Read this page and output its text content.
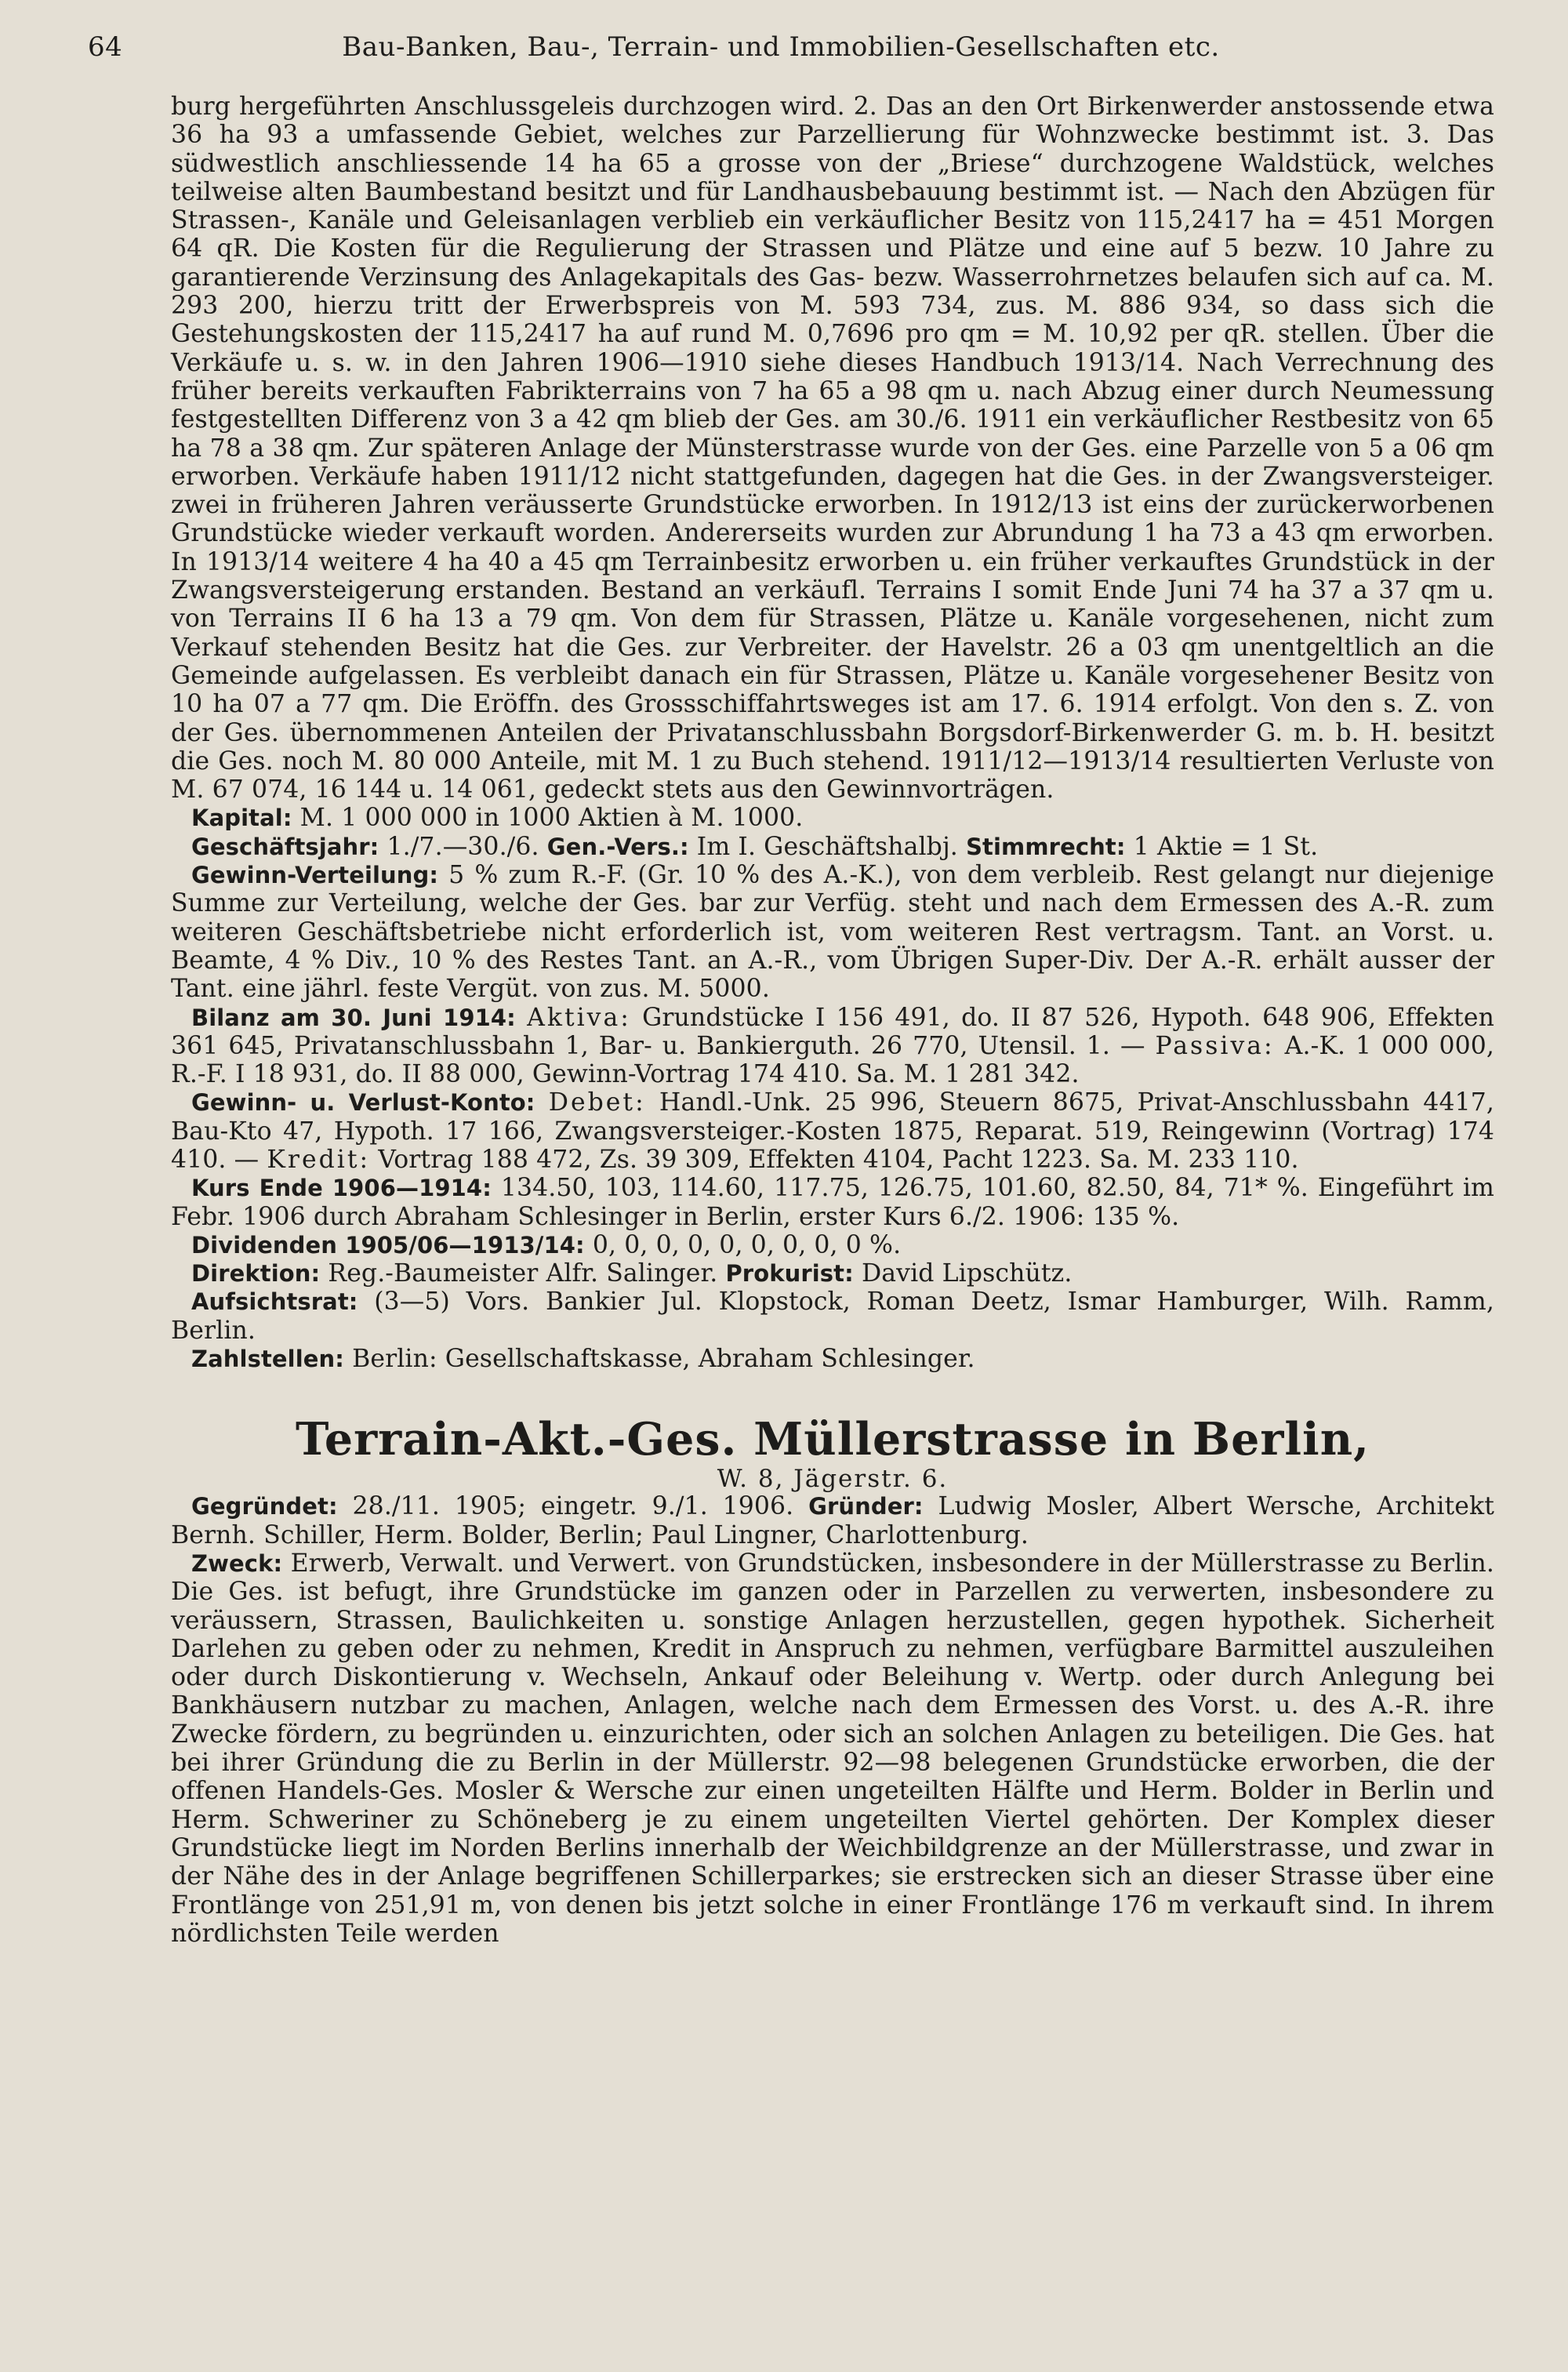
64	Bau-Banken, Bau-, Terrain- und Immobilien-Gesellschaften etc.

burg hergeführten Anschlussgeleis durchzogen wird. 2. Das an den Ort Birkenwerder anstossende etwa 36 ha 93 a umfassende Gebiet, welches zur Parzellierung für Wohnzwecke bestimmt ist. 3. Das südwestlich anschliessende 14 ha 65 a grosse von der „Briese“ durchzogene Waldstück, welches teilweise alten Baumbestand besitzt und für Landhausbebauung bestimmt ist. — Nach den Abzügen für Strassen-, Kanäle und Geleisanlagen verblieb ein verkäuflicher Besitz von 115,2417 ha = 451 Morgen 64 qR. Die Kosten für die Regulierung der Strassen und Plätze und eine auf 5 bezw. 10 Jahre zu garantierende Verzinsung des Anlagekapitals des Gas- bezw. Wasserrohrnetzes belaufen sich auf ca. M. 293 200, hierzu tritt der Erwerbspreis von M. 593 734, zus. M. 886 934, so dass sich die Gestehungskosten der 115,2417 ha auf rund M. 0,7696 pro qm = M. 10,92 per qR. stellen. Über die Verkäufe u. s. w. in den Jahren 1906—1910 siehe dieses Handbuch 1913/14. Nach Verrechnung des früher bereits verkauften Fabrikterrains von 7 ha 65 a 98 qm u. nach Abzug einer durch Neumessung festgestellten Differenz von 3 a 42 qm blieb der Ges. am 30./6. 1911 ein verkäuflicher Restbesitz von 65 ha 78 a 38 qm. Zur späteren Anlage der Münsterstrasse wurde von der Ges. eine Parzelle von 5 a 06 qm erworben. Verkäufe haben 1911/12 nicht stattgefunden, dagegen hat die Ges. in der Zwangsversteiger. zwei in früheren Jahren veräusserte Grundstücke erworben. In 1912/13 ist eins der zurückerworbenen Grundstücke wieder verkauft worden. Andererseits wurden zur Abrundung 1 ha 73 a 43 qm erworben. In 1913/14 weitere 4 ha 40 a 45 qm Terrainbesitz erworben u. ein früher verkauftes Grundstück in der Zwangsversteigerung erstanden. Bestand an verkäufl. Terrains I somit Ende Juni 74 ha 37 a 37 qm u. von Terrains II 6 ha 13 a 79 qm. Von dem für Strassen, Plätze u. Kanäle vorgesehenen, nicht zum Verkauf stehenden Besitz hat die Ges. zur Verbreiter. der Havelstr. 26 a 03 qm unentgeltlich an die Gemeinde aufgelassen. Es verbleibt danach ein für Strassen, Plätze u. Kanäle vorgesehener Besitz von 10 ha 07 a 77 qm. Die Eröffn. des Grossschiffahrtsweges ist am 17. 6. 1914 erfolgt. Von den s. Z. von der Ges. übernommenen Anteilen der Privatanschlussbahn Borgsdorf-Birkenwerder G. m. b. H. besitzt die Ges. noch M. 80 000 Anteile, mit M. 1 zu Buch stehend. 1911/12—1913/14 resultierten Verluste von M. 67 074, 16 144 u. 14 061, gedeckt stets aus den Gewinnvorträgen.

Kapital: M. 1 000 000 in 1000 Aktien à M. 1000.

Geschäftsjahr: 1./7.—30./6. Gen.-Vers.: Im I. Geschäftshalbj. Stimmrecht: 1 Aktie = 1 St.

Gewinn-Verteilung: 5 % zum R.-F. (Gr. 10 % des A.-K.), von dem verbleib. Rest gelangt nur diejenige Summe zur Verteilung, welche der Ges. bar zur Verfüg. steht und nach dem Ermessen des A.-R. zum weiteren Geschäftsbetriebe nicht erforderlich ist, vom weiteren Rest vertragsm. Tant. an Vorst. u. Beamte, 4 % Div., 10 % des Restes Tant. an A.-R., vom Übrigen Super-Div. Der A.-R. erhält ausser der Tant. eine jährl. feste Vergüt. von zus. M. 5000.

Bilanz am 30. Juni 1914: Aktiva: Grundstücke I 156 491, do. II 87 526, Hypoth. 648 906, Effekten 361 645, Privatanschlussbahn 1, Bar- u. Bankierguth. 26 770, Utensil. 1. — Passiva: A.-K. 1 000 000, R.-F. I 18 931, do. II 88 000, Gewinn-Vortrag 174 410. Sa. M. 1 281 342.

Gewinn- u. Verlust-Konto: Debet: Handl.-Unk. 25 996, Steuern 8675, Privat-Anschlussbahn 4417, Bau-Kto 47, Hypoth. 17 166, Zwangsversteiger.-Kosten 1875, Reparat. 519, Reingewinn (Vortrag) 174 410. — Kredit: Vortrag 188 472, Zs. 39 309, Effekten 4104, Pacht 1223. Sa. M. 233 110.

Kurs Ende 1906—1914: 134.50, 103, 114.60, 117.75, 126.75, 101.60, 82.50, 84, 71* %. Eingeführt im Febr. 1906 durch Abraham Schlesinger in Berlin, erster Kurs 6./2. 1906: 135 %.

Dividenden 1905/06—1913/14: 0, 0, 0, 0, 0, 0, 0, 0, 0 %.

Direktion: Reg.-Baumeister Alfr. Salinger. Prokurist: David Lipschütz.

Aufsichtsrat: (3—5) Vors. Bankier Jul. Klopstock, Roman Deetz, Ismar Hamburger, Wilh. Ramm, Berlin.

Zahlstellen: Berlin: Gesellschaftskasse, Abraham Schlesinger.

Terrain-Akt.-Ges. Müllerstrasse in Berlin,
W. 8, Jägerstr. 6.

Gegründet: 28./11. 1905; eingetr. 9./1. 1906. Gründer: Ludwig Mosler, Albert Wersche, Architekt Bernh. Schiller, Herm. Bolder, Berlin; Paul Lingner, Charlottenburg.

Zweck: Erwerb, Verwalt. und Verwert. von Grundstücken, insbesondere in der Müllerstrasse zu Berlin. Die Ges. ist befugt, ihre Grundstücke im ganzen oder in Parzellen zu verwerten, insbesondere zu veräussern, Strassen, Baulichkeiten u. sonstige Anlagen herzustellen, gegen hypothek. Sicherheit Darlehen zu geben oder zu nehmen, Kredit in Anspruch zu nehmen, verfügbare Barmittel auszuleihen oder durch Diskontierung v. Wechseln, Ankauf oder Beleihung v. Wertp. oder durch Anlegung bei Bankhäusern nutzbar zu machen, Anlagen, welche nach dem Ermessen des Vorst. u. des A.-R. ihre Zwecke fördern, zu begründen u. einzurichten, oder sich an solchen Anlagen zu beteiligen. Die Ges. hat bei ihrer Gründung die zu Berlin in der Müllerstr. 92—98 belegenen Grundstücke erworben, die der offenen Handels-Ges. Mosler & Wersche zur einen ungeteilten Hälfte und Herm. Bolder in Berlin und Herm. Schweriner zu Schöneberg je zu einem ungeteilten Viertel gehörten. Der Komplex dieser Grundstücke liegt im Norden Berlins innerhalb der Weichbildgrenze an der Müllerstrasse, und zwar in der Nähe des in der Anlage begriffenen Schillerparkes; sie erstrecken sich an dieser Strasse über eine Frontlänge von 251,91 m, von denen bis jetzt solche in einer Frontlänge 176 m verkauft sind. In ihrem nördlichsten Teile werden
